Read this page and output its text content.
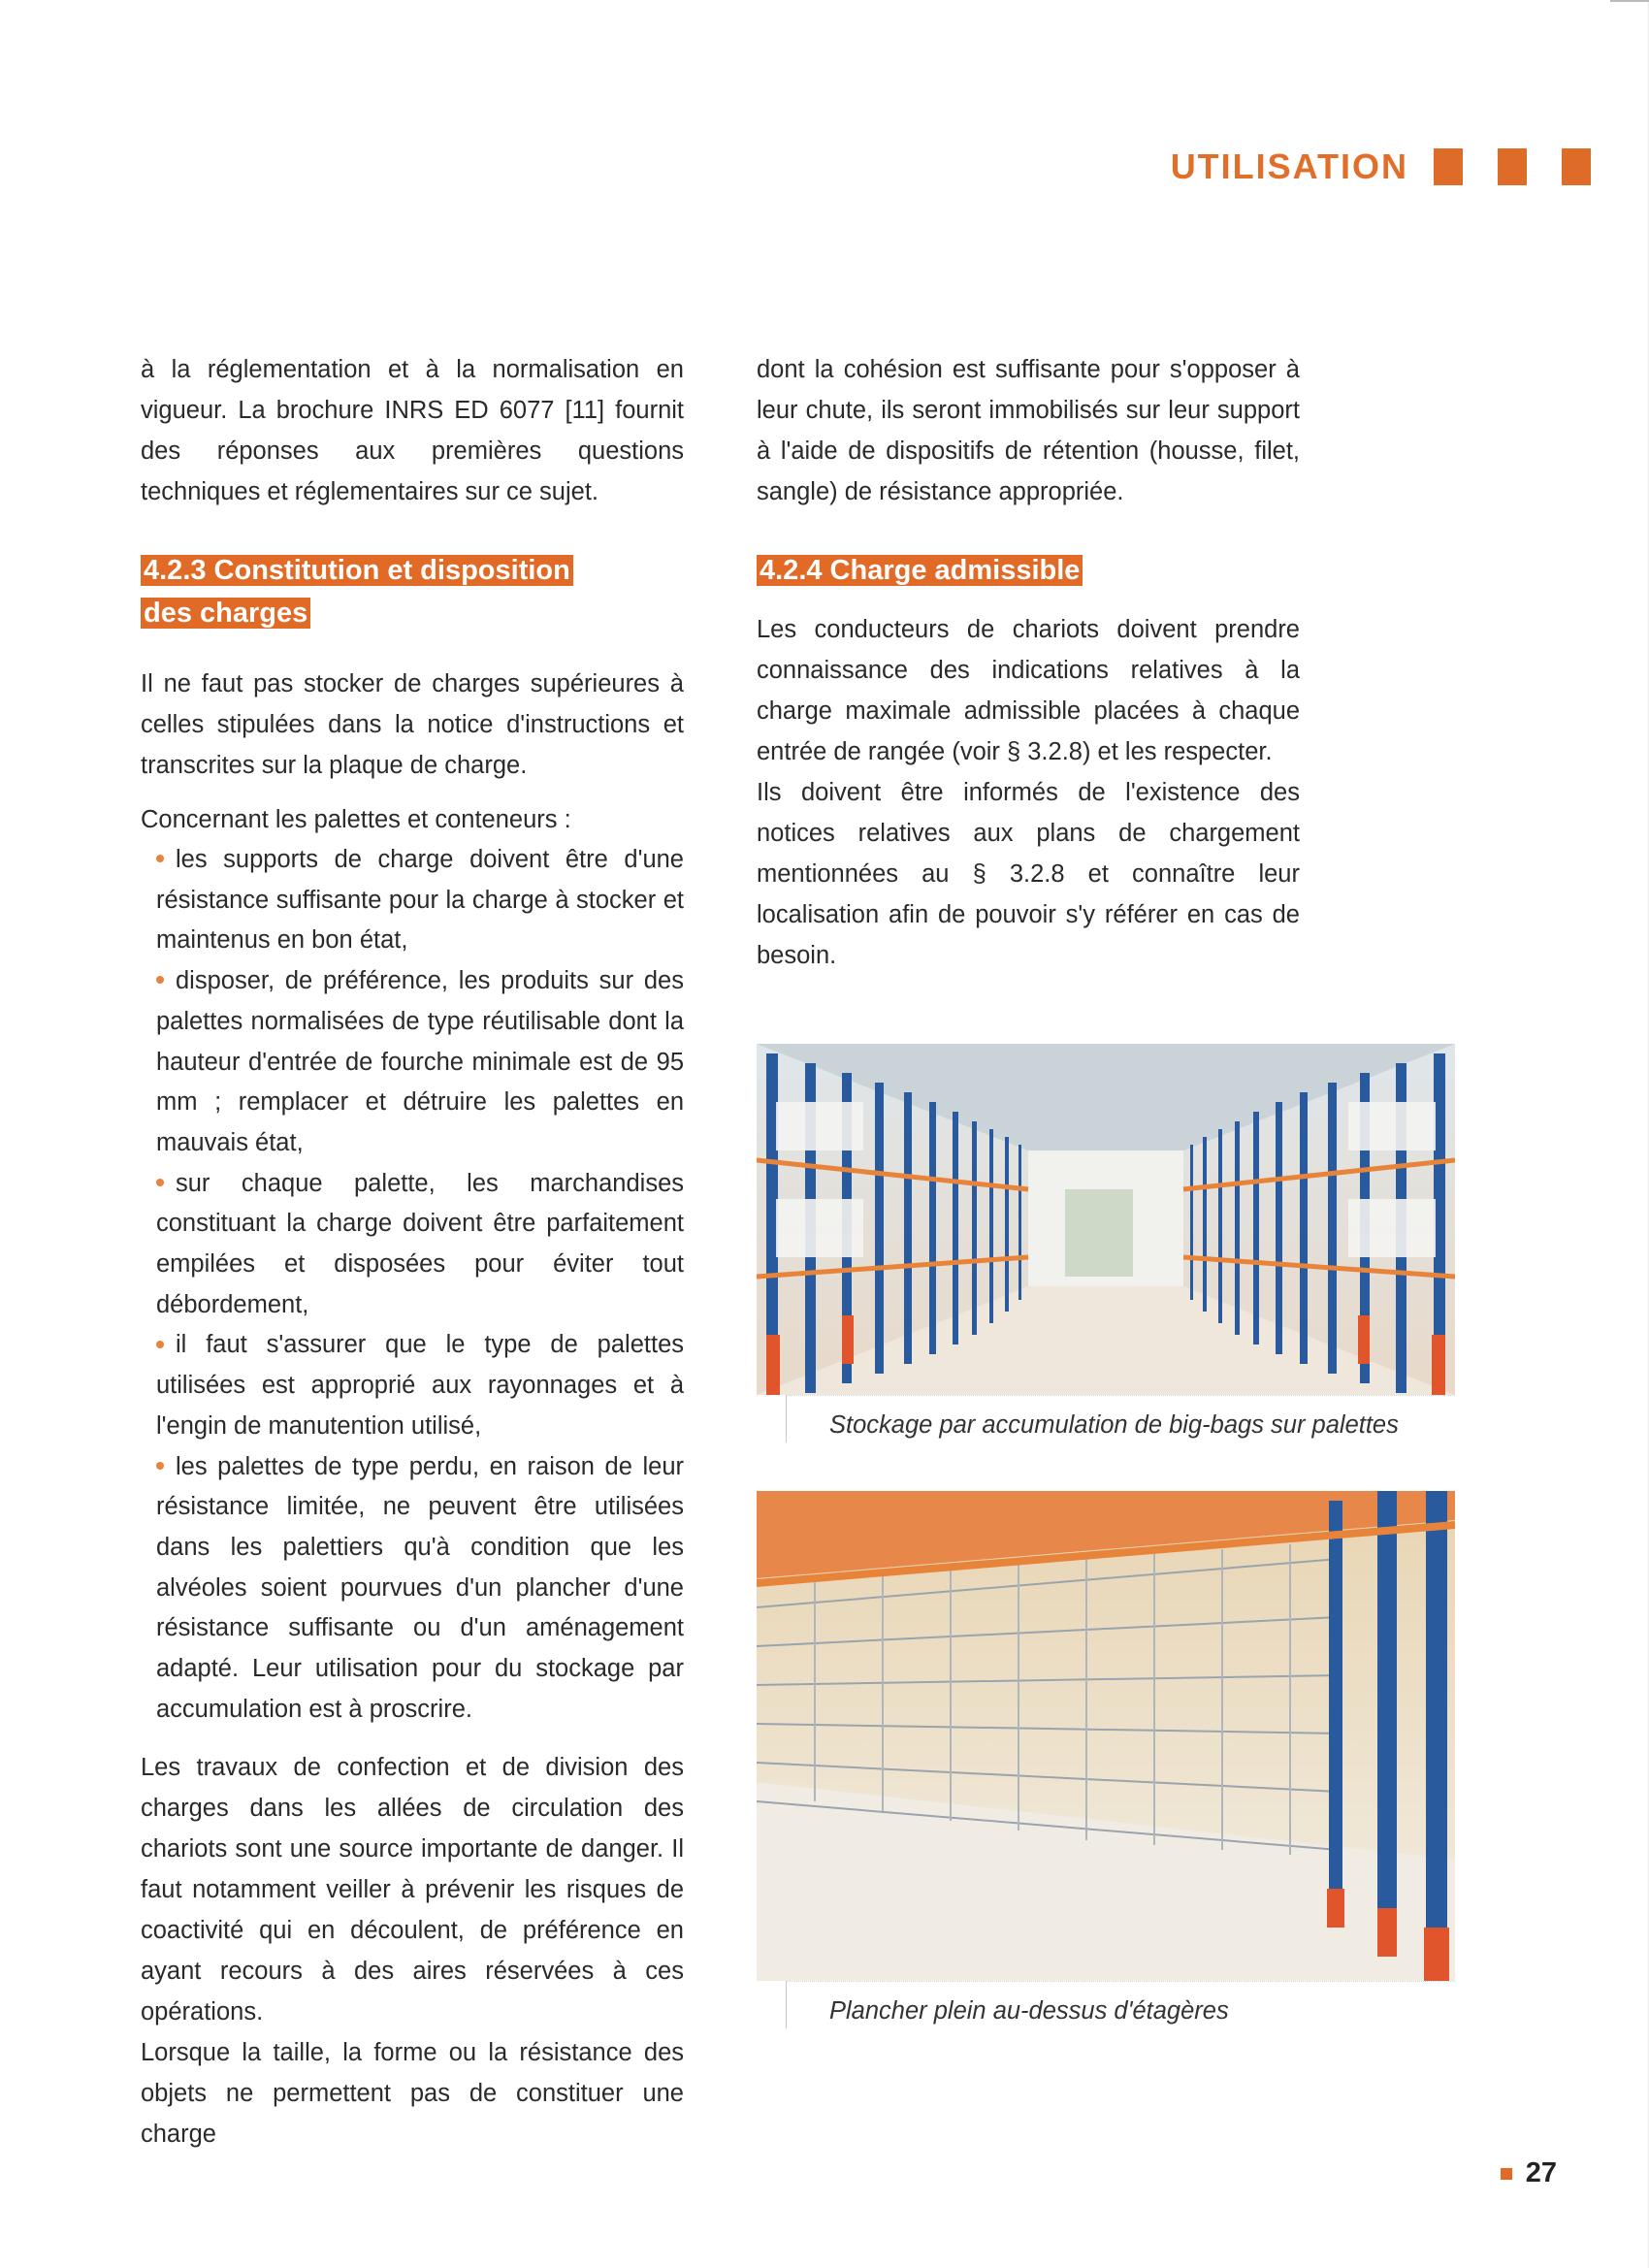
UTILISATION

à la réglementation et à la normalisation en vigueur. La brochure INRS ED 6077 [11] fournit des réponses aux premières questions techniques et réglementaires sur ce sujet.

4.2.3 Constitution et disposition
des charges

Il ne faut pas stocker de charges supérieures à celles stipulées dans la notice d'instructions et transcrites sur la plaque de charge.

Concernant les palettes et conteneurs :

les supports de charge doivent être d'une résistance suffisante pour la charge à stocker et maintenus en bon état,
disposer, de préférence, les produits sur des palettes normalisées de type réutilisable dont la hauteur d'entrée de fourche minimale est de 95 mm ; remplacer et détruire les palettes en mauvais état,
sur chaque palette, les marchandises constituant la charge doivent être parfaitement empilées et disposées pour éviter tout débordement,
il faut s'assurer que le type de palettes utilisées est approprié aux rayonnages et à l'engin de manutention utilisé,
les palettes de type perdu, en raison de leur résistance limitée, ne peuvent être utilisées dans les palettiers qu'à condition que les alvéoles soient pourvues d'un plancher d'une résistance suffisante ou d'un aménagement adapté. Leur utilisation pour du stockage par accumulation est à proscrire.

Les travaux de confection et de division des charges dans les allées de circulation des chariots sont une source importante de danger. Il faut notamment veiller à prévenir les risques de coactivité qui en découlent, de préférence en ayant recours à des aires réservées à ces opérations.

Lorsque la taille, la forme ou la résistance des objets ne permettent pas de constituer une charge

dont la cohésion est suffisante pour s'opposer à leur chute, ils seront immobilisés sur leur support à l'aide de dispositifs de rétention (housse, filet, sangle) de résistance appropriée.

4.2.4 Charge admissible

Les conducteurs de chariots doivent prendre connaissance des indications relatives à la charge maximale admissible placées à chaque entrée de rangée (voir § 3.2.8) et les respecter.

Ils doivent être informés de l'existence des notices relatives aux plans de chargement mentionnées au § 3.2.8 et connaître leur localisation afin de pouvoir s'y référer en cas de besoin.

Stockage par accumulation de big-bags sur palettes
Plancher plein au-dessus d'étagères
27
